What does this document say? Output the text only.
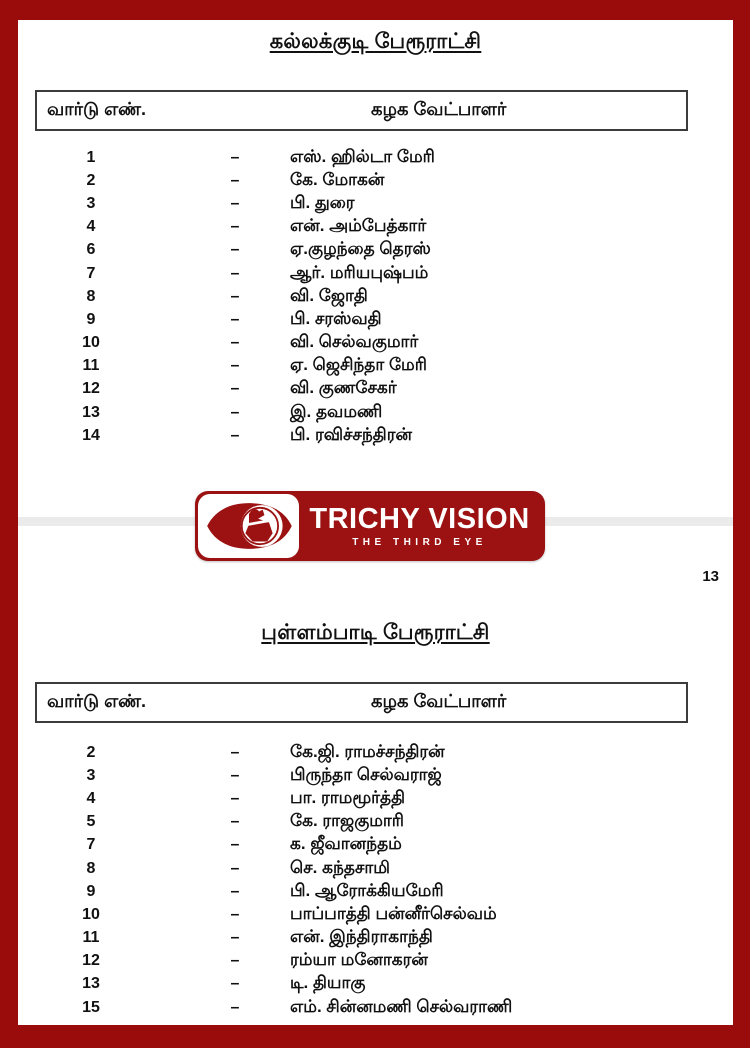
கல்லக்குடி பேரூராட்சி
வார்டு எண்.	கழக வேட்பாளர்
1	–	எஸ். ஹில்டா மேரி
2	–	கே. மோகன்
3	–	பி. துரை
4	–	என். அம்பேத்கார்
6	–	ஏ.குழந்தை தெரஸ்
7	–	ஆர். மரியபுஷ்பம்
8	–	வி. ஜோதி
9	–	பி. சரஸ்வதி
10	–	வி. செல்வகுமார்
11	–	ஏ. ஜெசிந்தா மேரி
12	–	வி. குணசேகர்
13	–	இ. தவமணி
14	–	பி. ரவிச்சந்திரன்
TRICHY VISION
THE THIRD EYE
13
புள்ளம்பாடி பேரூராட்சி
வார்டு எண்.	கழக வேட்பாளர்
2	–	கே.ஜி. ராமச்சந்திரன்
3	–	பிருந்தா செல்வராஜ்
4	–	பா. ராமமூர்த்தி
5	–	கே. ராஜகுமாரி
7	–	க. ஜீவானந்தம்
8	–	செ. கந்தசாமி
9	–	பி. ஆரோக்கியமேரி
10	–	பாப்பாத்தி பன்னீர்செல்வம்
11	–	என். இந்திராகாந்தி
12	–	ரம்யா மனோகரன்
13	–	டி. தியாகு
15	–	எம். சின்னமணி செல்வராணி
